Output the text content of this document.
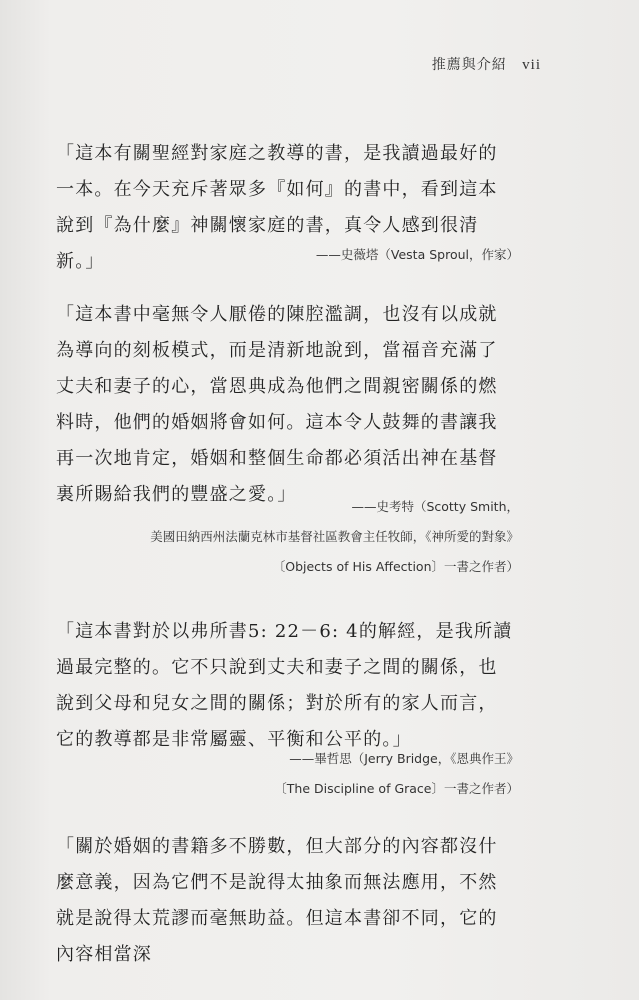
推薦與介紹 vii

「這本有關聖經對家庭之教導的書，是我讀過最好的一本。在今天充斥著眾多『如何』的書中，看到這本說到『為什麼』神關懷家庭的書，真令人感到很清新。」	——史薇塔（Vesta Sproul，作家）

「這本書中毫無令人厭倦的陳腔濫調，也沒有以成就為導向的刻板模式，而是清新地說到，當福音充滿了丈夫和妻子的心，當恩典成為他們之間親密關係的燃料時，他們的婚姻將會如何。這本令人鼓舞的書讓我再一次地肯定，婚姻和整個生命都必須活出神在基督裏所賜給我們的豐盛之愛。」

——史考特（Scotty Smith，
美國田納西州法蘭克林市基督社區教會主任牧師，《神所愛的對象》
〔Objects of His Affection〕一書之作者）

「這本書對於以弗所書5: 22－6: 4的解經，是我所讀過最完整的。它不只說到丈夫和妻子之間的關係，也說到父母和兒女之間的關係；對於所有的家人而言，它的教導都是非常屬靈、平衡和公平的。」

——畢哲思（Jerry Bridge，《恩典作王》
〔The Discipline of Grace〕一書之作者）

「關於婚姻的書籍多不勝數，但大部分的內容都沒什麼意義，因為它們不是說得太抽象而無法應用，不然就是說得太荒謬而毫無助益。但這本書卻不同，它的內容相當深
